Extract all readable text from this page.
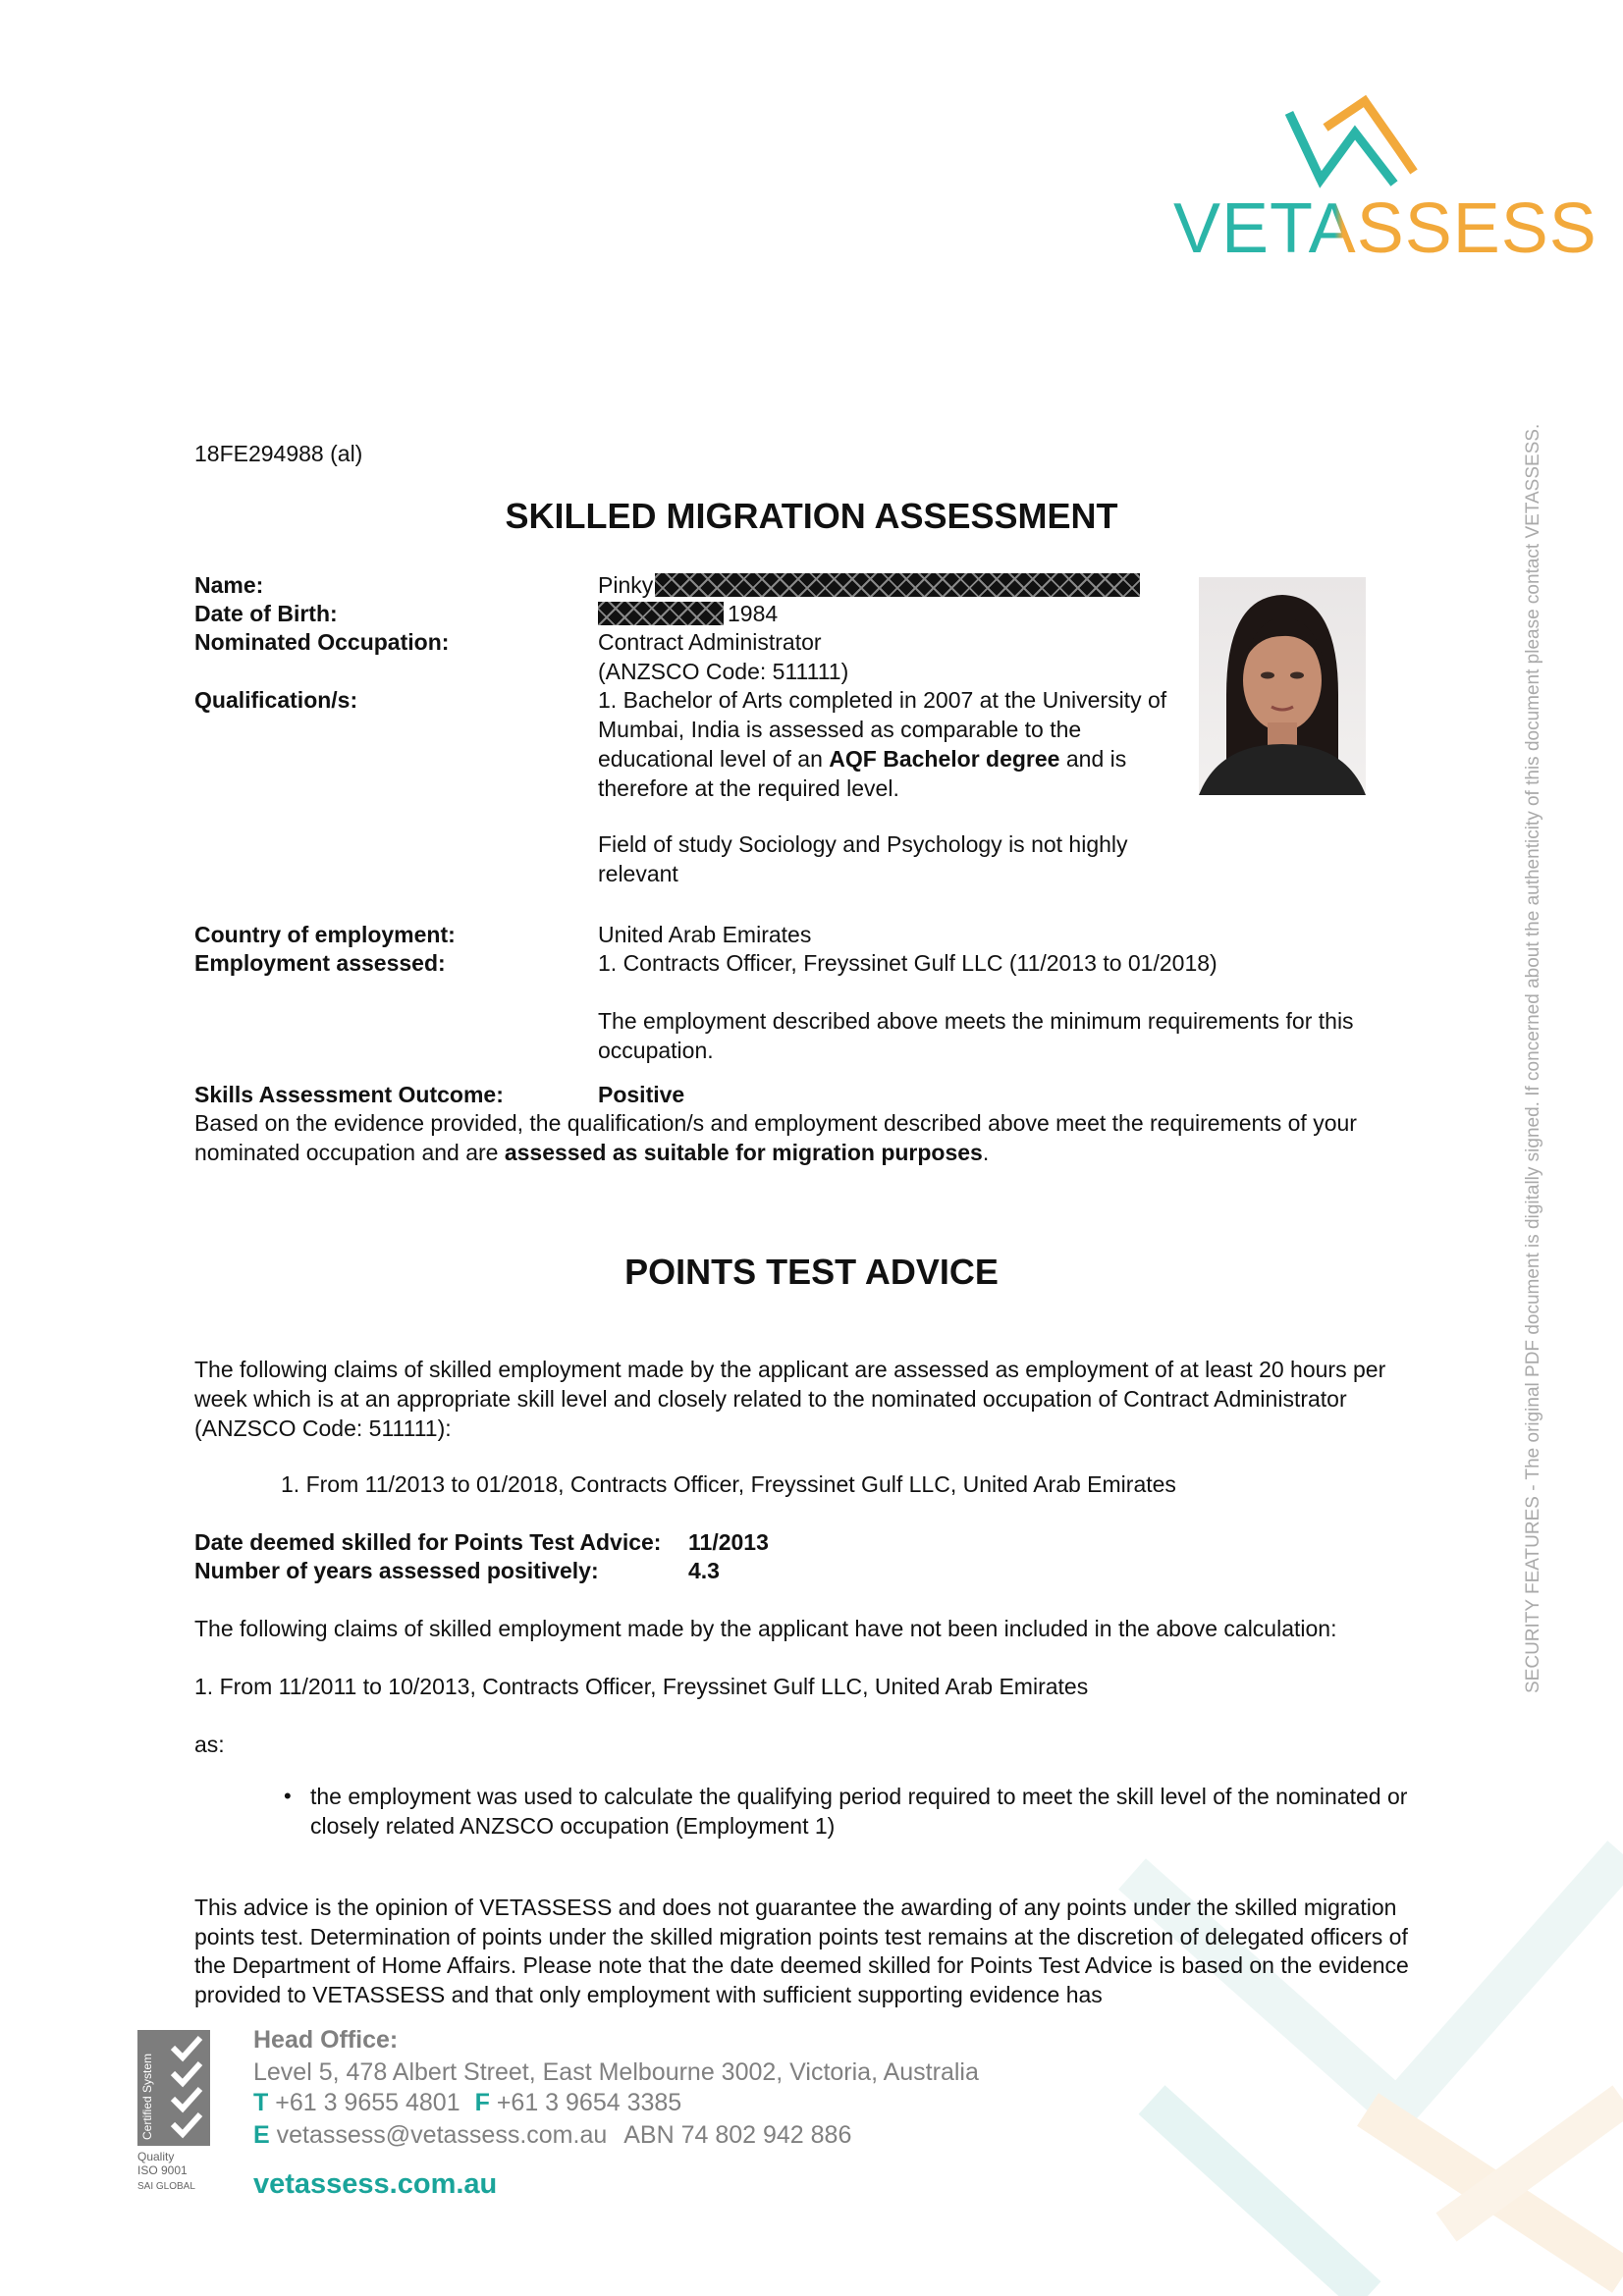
VETASSESS
SECURITY FEATURES - The original PDF document is digitally signed. If concerned about the authenticity of this document please contact VETASSESS.
18FE294988 (al)
SKILLED MIGRATION ASSESSMENT
Name:
Date of Birth:
Nominated Occupation:
Qualification/s:
Pinky
1984
Contract Administrator
(ANZSCO Code: 511111)
1. Bachelor of Arts completed in 2007 at the University of Mumbai, India is assessed as comparable to the educational level of an AQF Bachelor degree and is therefore at the required level.
Field of study Sociology and Psychology is not highly relevant
Country of employment:
Employment assessed:
United Arab Emirates
1. Contracts Officer, Freyssinet Gulf LLC (11/2013 to 01/2018)
The employment described above meets the minimum requirements for this occupation.
Skills Assessment Outcome:	Positive
Based on the evidence provided, the qualification/s and employment described above meet the requirements of your nominated occupation and are assessed as suitable for migration purposes.
POINTS TEST ADVICE
The following claims of skilled employment made by the applicant are assessed as employment of at least 20 hours per week which is at an appropriate skill level and closely related to the nominated occupation of Contract Administrator (ANZSCO Code: 511111):
1. From 11/2013 to 01/2018, Contracts Officer, Freyssinet Gulf LLC, United Arab Emirates
Date deemed skilled for Points Test Advice: 11/2013
Number of years assessed positively:	4.3
The following claims of skilled employment made by the applicant have not been included in the above calculation:
1. From 11/2011 to 10/2013, Contracts Officer, Freyssinet Gulf LLC, United Arab Emirates
as:
• the employment was used to calculate the qualifying period required to meet the skill level of the nominated or closely related ANZSCO occupation (Employment 1)
This advice is the opinion of VETASSESS and does not guarantee the awarding of any points under the skilled migration points test. Determination of points under the skilled migration points test remains at the discretion of delegated officers of the Department of Home Affairs. Please note that the date deemed skilled for Points Test Advice is based on the evidence provided to VETASSESS and that only employment with sufficient supporting evidence has
Certified System
Quality
ISO 9001
SAI GLOBAL
Head Office:
Level 5, 478 Albert Street, East Melbourne 3002, Victoria, Australia
T +61 3 9655 4801 F +61 3 9654 3385
E vetassess@vetassess.com.au ABN 74 802 942 886
vetassess.com.au
